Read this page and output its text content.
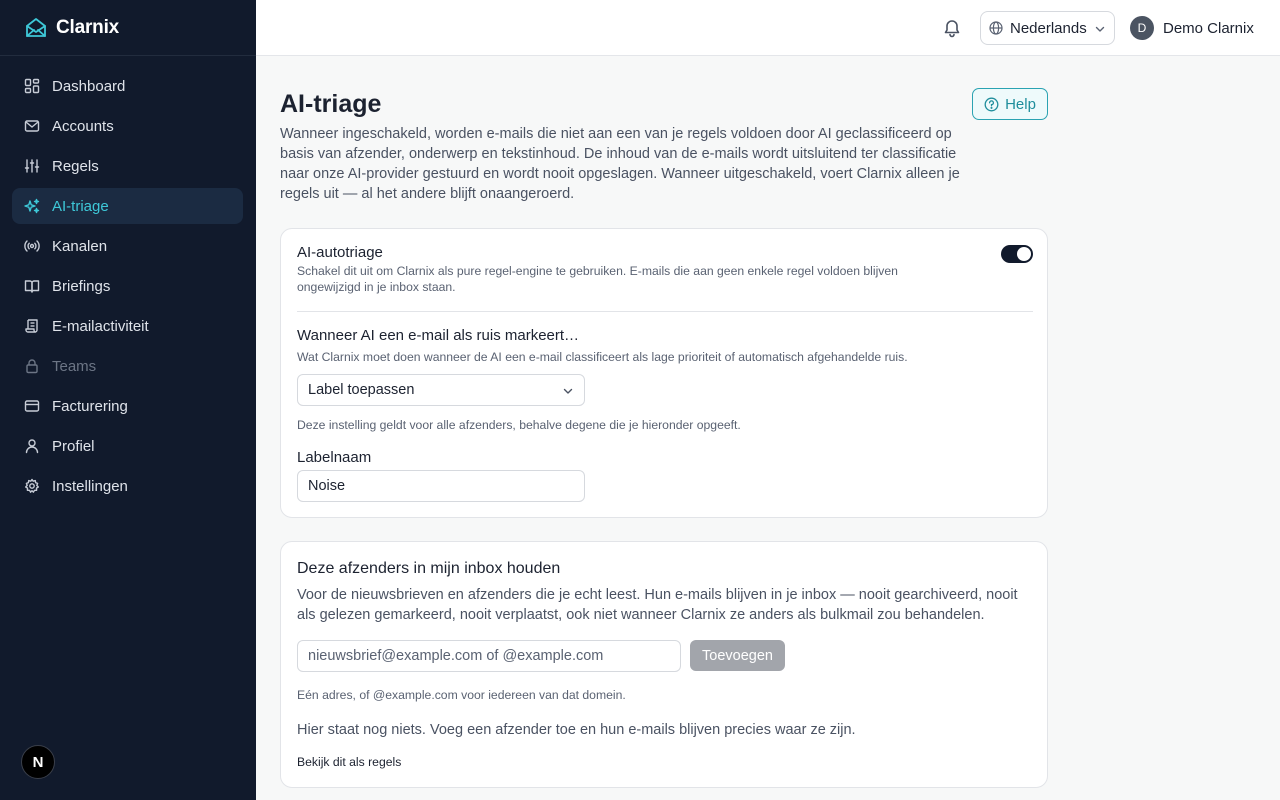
Clarnix
Dashboard
Accounts
Regels
AI-triage
Kanalen
Briefings
E-mailactiviteit
Teams
Facturering
Profiel
Instellingen
N
Nederlands	D	Demo Clarnix
AI-triage	Help

Wanneer ingeschakeld, worden e-mails die niet aan een van je regels voldoen door AI geclassificeerd op basis van afzender, onderwerp en tekstinhoud. De inhoud van de e-mails wordt uitsluitend ter classificatie naar onze AI-provider gestuurd en wordt nooit opgeslagen. Wanneer uitgeschakeld, voert Clarnix alleen je regels uit — al het andere blijft onaangeroerd.

AI-autotriage
Schakel dit uit om Clarnix als pure regel-engine te gebruiken. E-mails die aan geen enkele regel voldoen blijven ongewijzigd in je inbox staan.
Wanneer AI een e-mail als ruis markeert…
Wat Clarnix moet doen wanneer de AI een e-mail classificeert als lage prioriteit of automatisch afgehandelde ruis.
Label toepassen
Deze instelling geldt voor alle afzenders, behalve degene die je hieronder opgeeft.
Labelnaam
Noise
Deze afzenders in mijn inbox houden
Voor de nieuwsbrieven en afzenders die je echt leest. Hun e-mails blijven in je inbox — nooit gearchiveerd, nooit als gelezen gemarkeerd, nooit verplaatst, ook niet wanneer Clarnix ze anders als bulkmail zou behandelen.
nieuwsbrief@example.com of @example.com	Toevoegen
Eén adres, of @example.com voor iedereen van dat domein.
Hier staat nog niets. Voeg een afzender toe en hun e-mails blijven precies waar ze zijn.
Bekijk dit als regels
